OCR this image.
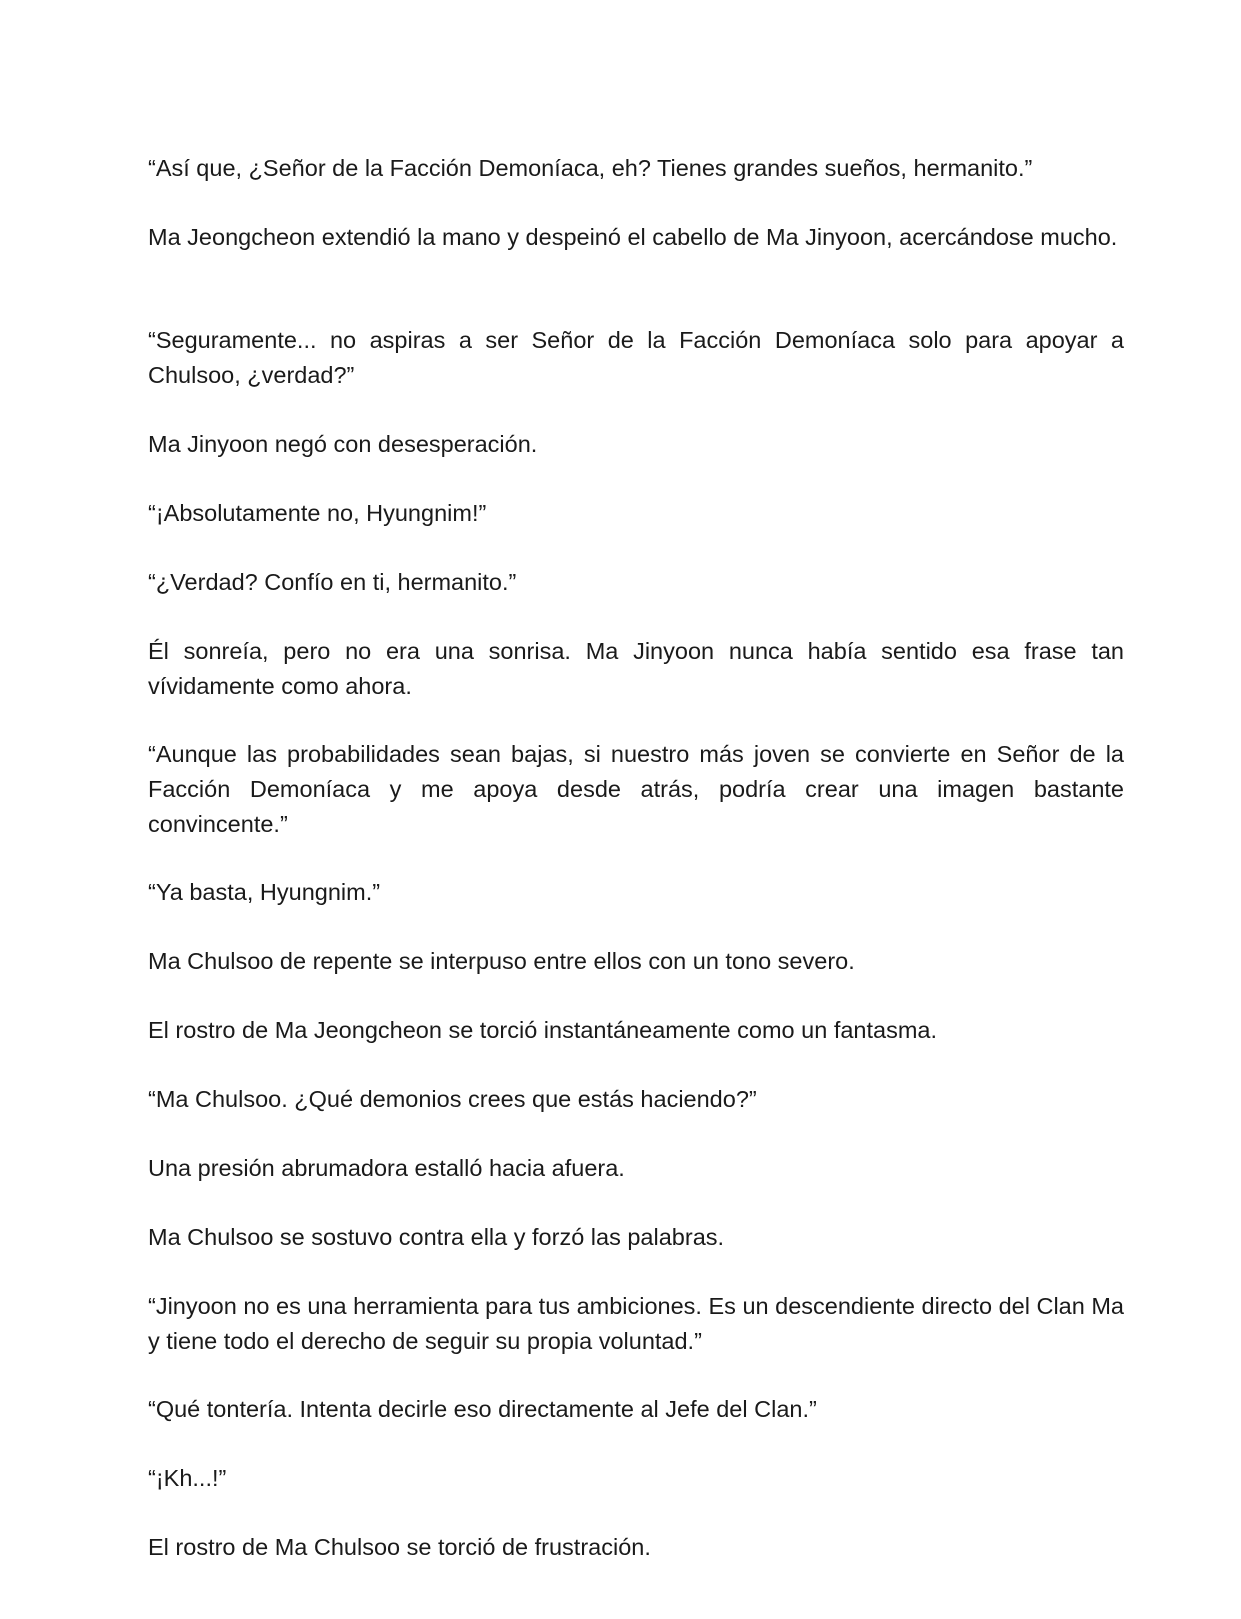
“Así que, ¿Señor de la Facción Demoníaca, eh? Tienes grandes sueños, hermanito.”

Ma Jeongcheon extendió la mano y despeinó el cabello de Ma Jinyoon, acercándose mucho.

“Seguramente... no aspiras a ser Señor de la Facción Demoníaca solo para apoyar a Chulsoo, ¿verdad?”

Ma Jinyoon negó con desesperación.

“¡Absolutamente no, Hyungnim!”

“¿Verdad? Confío en ti, hermanito.”

Él sonreía, pero no era una sonrisa. Ma Jinyoon nunca había sentido esa frase tan vívidamente como ahora.

“Aunque las probabilidades sean bajas, si nuestro más joven se convierte en Señor de la Facción Demoníaca y me apoya desde atrás, podría crear una imagen bastante convincente.”

“Ya basta, Hyungnim.”

Ma Chulsoo de repente se interpuso entre ellos con un tono severo.

El rostro de Ma Jeongcheon se torció instantáneamente como un fantasma.

“Ma Chulsoo. ¿Qué demonios crees que estás haciendo?”

Una presión abrumadora estalló hacia afuera.

Ma Chulsoo se sostuvo contra ella y forzó las palabras.

“Jinyoon no es una herramienta para tus ambiciones. Es un descendiente directo del Clan Ma y tiene todo el derecho de seguir su propia voluntad.”

“Qué tontería. Intenta decirle eso directamente al Jefe del Clan.”

“¡Kh...!”

El rostro de Ma Chulsoo se torció de frustración.
